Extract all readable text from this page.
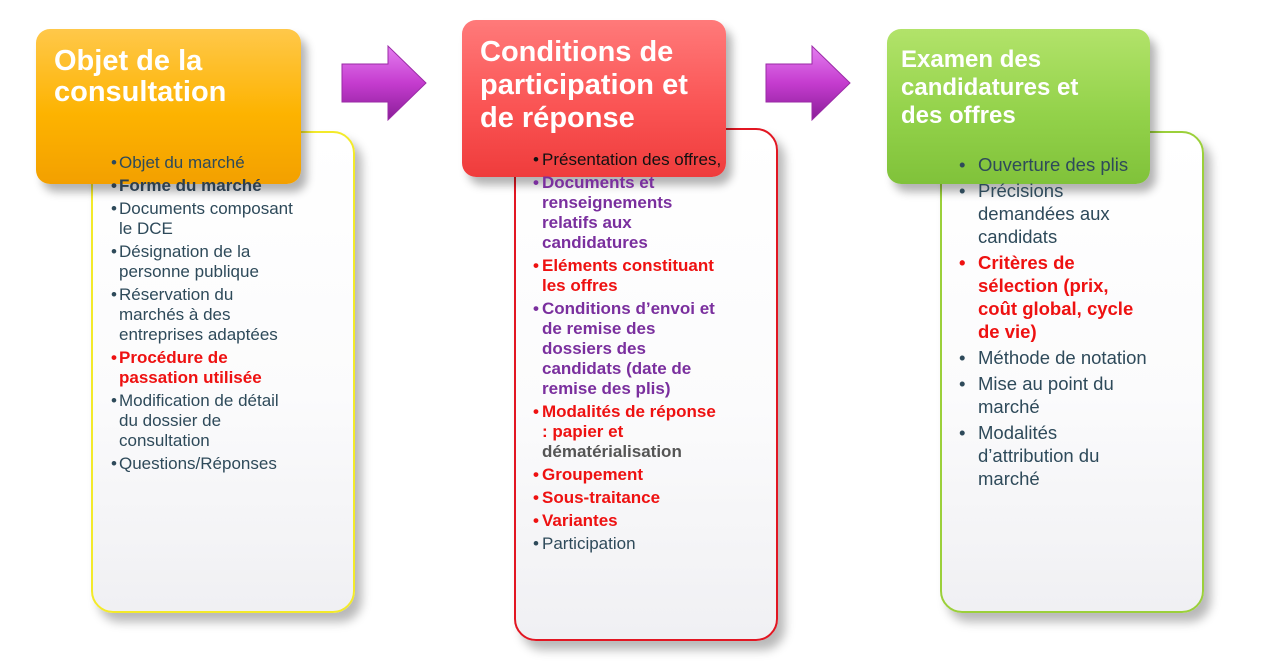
Objet de la
consultation
• Objet du marché
• Forme du marché
• Documents composant
le DCE
• Désignation de la
personne publique
• Réservation du
marchés à des
entreprises adaptées
• Procédure de
passation utilisée
• Modification de détail
du dossier de
consultation
• Questions/Réponses
Conditions de
participation et
de réponse
• Présentation des offres,
• Documents et
renseignements
relatifs aux
candidatures
• Eléments constituant
les offres
• Conditions d’envoi et
de remise des
dossiers des
candidats (date de
remise des plis)
• Modalités de réponse
: papier et
dématérialisation
• Groupement
• Sous-traitance
• Variantes
• Participation
Examen des
candidatures et
des offres
• Ouverture des plis
• Précisions
demandées aux
candidats
• Critères de
sélection (prix,
coût global, cycle
de vie)
• Méthode de notation
• Mise au point du
marché
• Modalités
d’attribution du
marché
